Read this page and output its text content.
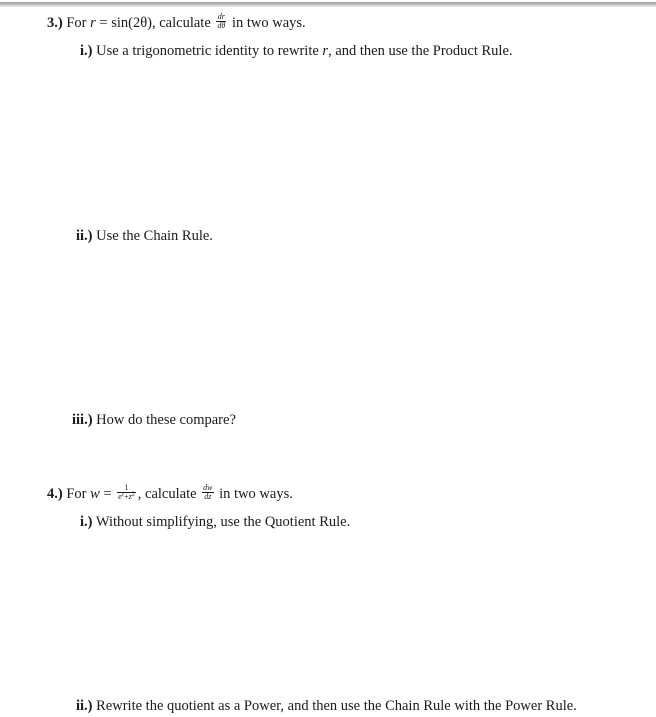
3.) For r = sin(2θ), calculate $\frac{dr}{d\theta}$ in two ways.
i.) Use a trigonometric identity to rewrite r, and then use the Product Rule.
ii.) Use the Chain Rule.
iii.) How do these compare?
4.) For $w = \frac{1}{e^z+z^2}$ , calculate $\frac{dw}{dz}$ in two ways.
i.) Without simplifying, use the Quotient Rule.
ii.) Rewrite the quotient as a Power, and then use the Chain Rule with the Power Rule.
